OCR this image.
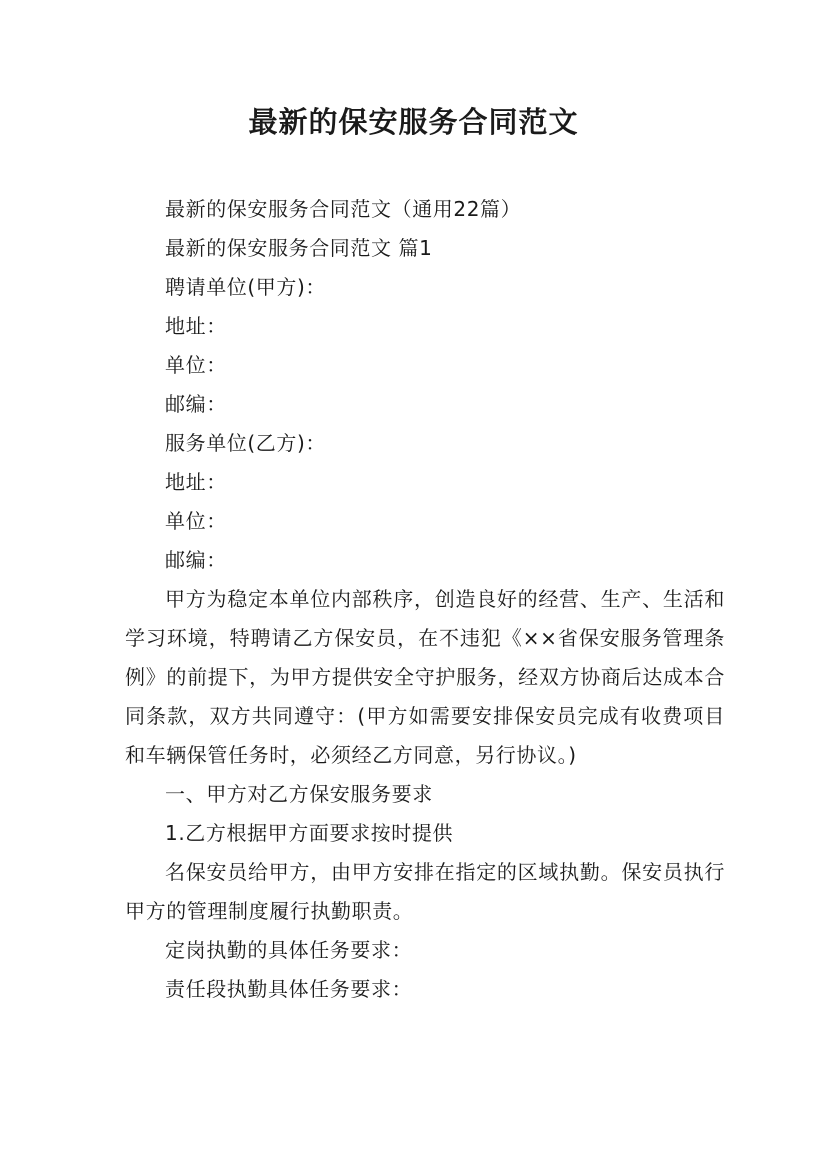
最新的保安服务合同范文

最新的保安服务合同范文（通用22篇）

最新的保安服务合同范文 篇1

聘请单位(甲方)：

地址：

单位：

邮编：

服务单位(乙方)：

地址：

单位：

邮编：

甲方为稳定本单位内部秩序，创造良好的经营、生产、生活和学习环境，特聘请乙方保安员，在不违犯《××省保安服务管理条例》的前提下，为甲方提供安全守护服务，经双方协商后达成本合同条款，双方共同遵守：(甲方如需要安排保安员完成有收费项目和车辆保管任务时，必须经乙方同意，另行协议。)

一、甲方对乙方保安服务要求

1.乙方根据甲方面要求按时提供

名保安员给甲方，由甲方安排在指定的区域执勤。保安员执行甲方的管理制度履行执勤职责。

定岗执勤的具体任务要求：

责任段执勤具体任务要求：
